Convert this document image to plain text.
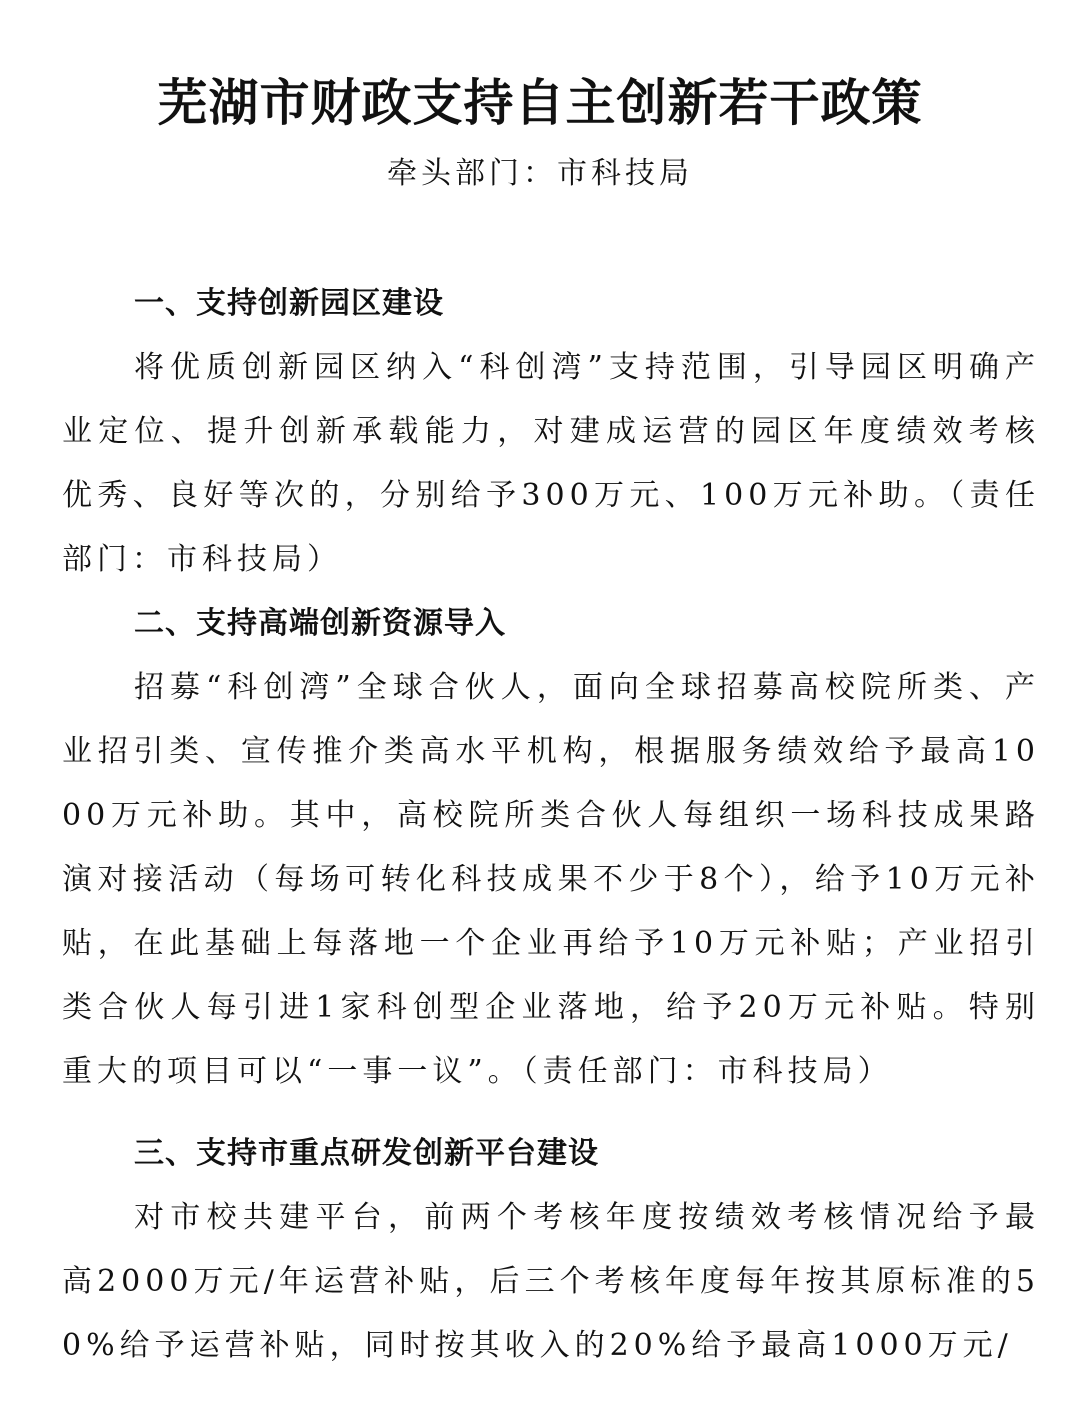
芜湖市财政支持自主创新若干政策

牵头部门：市科技局

一、支持创新园区建设

将优质创新园区纳入“科创湾”支持范围，引导园区明确产业定位、提升创新承载能力，对建成运营的园区年度绩效考核优秀、良好等次的，分别给予300万元、100万元补助。（责任部门：市科技局）

二、支持高端创新资源导入

招募“科创湾”全球合伙人，面向全球招募高校院所类、产业招引类、宣传推介类高水平机构，根据服务绩效给予最高1000万元补助。其中，高校院所类合伙人每组织一场科技成果路演对接活动（每场可转化科技成果不少于8个），给予10万元补贴，在此基础上每落地一个企业再给予10万元补贴；产业招引类合伙人每引进1家科创型企业落地，给予20万元补贴。特别重大的项目可以“一事一议”。（责任部门：市科技局）

三、支持市重点研发创新平台建设

对市校共建平台，前两个考核年度按绩效考核情况给予最高2000万元/年运营补贴，后三个考核年度每年按其原标准的50%给予运营补贴，同时按其收入的20%给予最高1000万元/
